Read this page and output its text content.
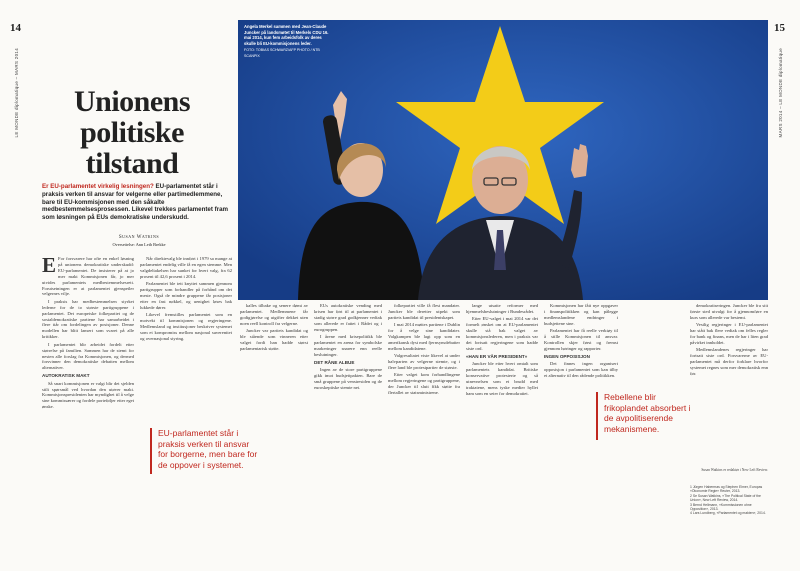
14	15
LE MONDE diplomatique – MARS 2014	MARS 2014 – LE MONDE diplomatique
Angela Merkel sammen med Jean-Claude Juncker på landsmøtet til Merkels CDU 16. mai 2014, kun fem arbeidsfolk av deres skulle bli EU-kommisjonens leder.
FOTO: TOBIAS SCHWARZ/AFP PHOTO / NTB SCANPIX
Unionens politiske tilstand
Er EU-parlamentet virkelig lesningen? EU-parlamentet står i praksis verken til ansvar for velgerne eller partimedlemmene, bare til EU-kommisjonen med den såkalte medbestemmelsesprosessen. Likevel trekkes parlamentet fram som løsningen på EUs demokratiske underskudd.
Susan Watkins
Oversettelse: Ann Leth Brekke

E For forsvarere har ofte en enkel løsning på unionens demokratiske underskudd: EU-parlamentet. De insisterer på at jo mer makt Kommisjonen får, jo mer utvides parlamentets medbestemmelsesrett. Forutsetningen er at parlamentet gjenspeiler velgernes vilje.

I praksis har medbestemmelsen styrket lederne for de to største partigruppene i parlamentet. Det europeiske folkepartiet og de sosialdemokratiske partiene har samarbeidet i flere tiår om fordelingen av posisjoner. Denne modellen har blitt lansert som svaret på alle kritikker.

I parlamentet blir arbeidet fordelt etter størrelse på familien. Sammen har de stemt for nesten alle forslag fra Kommisjonen, og dermed forsvinner den demokratiske debatten mellom alternativer.

AUTOKRATISK MAKT

Så snart kommisjonen er valgt blir det sjelden stilt spørsmål ved hvordan den utøver makt. Kommisjonspresidenten har myndighet til å velge sine kommissærer og fordele porteføljer etter eget ønske.

Når direktevalg ble innført i 1979 sa mange at parlamentet endelig ville få en egen stemme. Men valgdeltakelsen har sunket for hvert valg, fra 62 prosent til 42,6 prosent i 2014.

Parlamentet ble tett knyttet sammen gjennom partigrupper som forhandler på forhånd om det meste. Også de mindre gruppene får posisjoner etter en fast nøkkel, og uenighet løses bak lukkede dører.

Likevel fremstilles parlamentet som en motvekt til kommisjonen og regjeringene. Medlemsland og institusjoner beskriver systemet som et kompromiss mellom nasjonal suverenitet og overnasjonal styring.

EU-parlamentet står i praksis verken til ansvar for borgerne, men bare for de oppover i systemet.

kalles tilbake og senere dømt av parlamentet. Medlemmene får godtgjørelse og utgifter dekket uten noen reell kontroll fra velgerne.

Juncker var partiets kandidat og ble stående som vinneren etter valget fordi han hadde størst parlamentarisk støtte.

EUs autokratiske vending med krisen har ført til at parlamentet i stadig større grad godkjenner vedtak som allerede er fattet i Rådet og i eurogruppen.

I årene med krisepolitikk ble parlamentet en arena for symbolske markeringer snarere enn reelle beslutninger.

DET RÅNE ALBUE

Ingen av de store partigruppene gikk imot budsjettpakten. Bare de små gruppene på venstresiden og de euroskeptiske stemte nei.

folkepartiet ville få flest mandater. Juncker ble deretter utpekt som partiets kandidat til presidentskapet.

I mai 2014 møttes partiene i Dublin for å velge sine kandidater. Valgkampen ble lagt opp som en amerikansk dyst med fjernsynsdebatter mellom kandidatene.

Valgresultatet viste likevel at under halvparten av velgerne stemte, og i flere land ble protestpartier de største.

Etter valget kom forhandlingene mellom regjeringene og partigruppene, der Juncker til slutt fikk støtte fra flertallet av statsministrene.

lange utsatte reformer med hjemmelsbeslutninger i Bundesrådet.

Etter EU-valget i mai 2014 var det formelt ønsket om at EU-parlamentet skulle stå bak valget av kommisjonslederen, men i praksis var det fortsatt regjeringene som hadde siste ord.

«HAN ER VÅR PRESIDENT»

Juncker ble etter hvert omtalt som parlamentets kandidat. Britiske konservative protesterte og så utnevnelsen som et brudd med traktatene, mens tyske medier hyllet ham som en seier for demokratiet.

Kommisjonen har fått nye oppgaver i finanspolitikken og kan pålegge medlemslandene endringer i budsjettene sine.

Parlamentet har få reelle verktøy til å stille Kommisjonen til ansvar. Kontrollen skjer først og fremst gjennom høringer og rapporter.

INGEN OPPOSISJON

Det finnes ingen organisert opposisjon i parlamentet som kan tilby et alternativ til den rådende politikken.

Rebellene blir frikoplandet absorbert i de avpolitiserende mekanismene.

demokratiseringen. Juncker ble fra sitt første sted utvalgt for å gjennomføre en kurs som allerede var bestemt.

Vestlig regjeringer i EU-parlamentet har stått bak flere vedtak om felles regler for bank og finans, men de har i liten grad påvirket innholdet.

Medlemslandenes regjeringer har fortsatt siste ord. Forsvarerne av EU-parlamentet må derfor forklare hvorfor systemet regnes som mer demokratisk enn før.

Susan Watkins er redaktør i New Left Review.
1 Jürgen Habermas og Stephen Elmer, Europas «Ökonomie Regie» Reuter, 2013.
2 Se Susan Watkins, «The Political State of the Union», New Left Review, 2014.
3 Bernd Hellmann, «Kommissionen ohne Opposition», 2013.
4 Lars Lundberg, «Parlamentet og makten», 2014.
